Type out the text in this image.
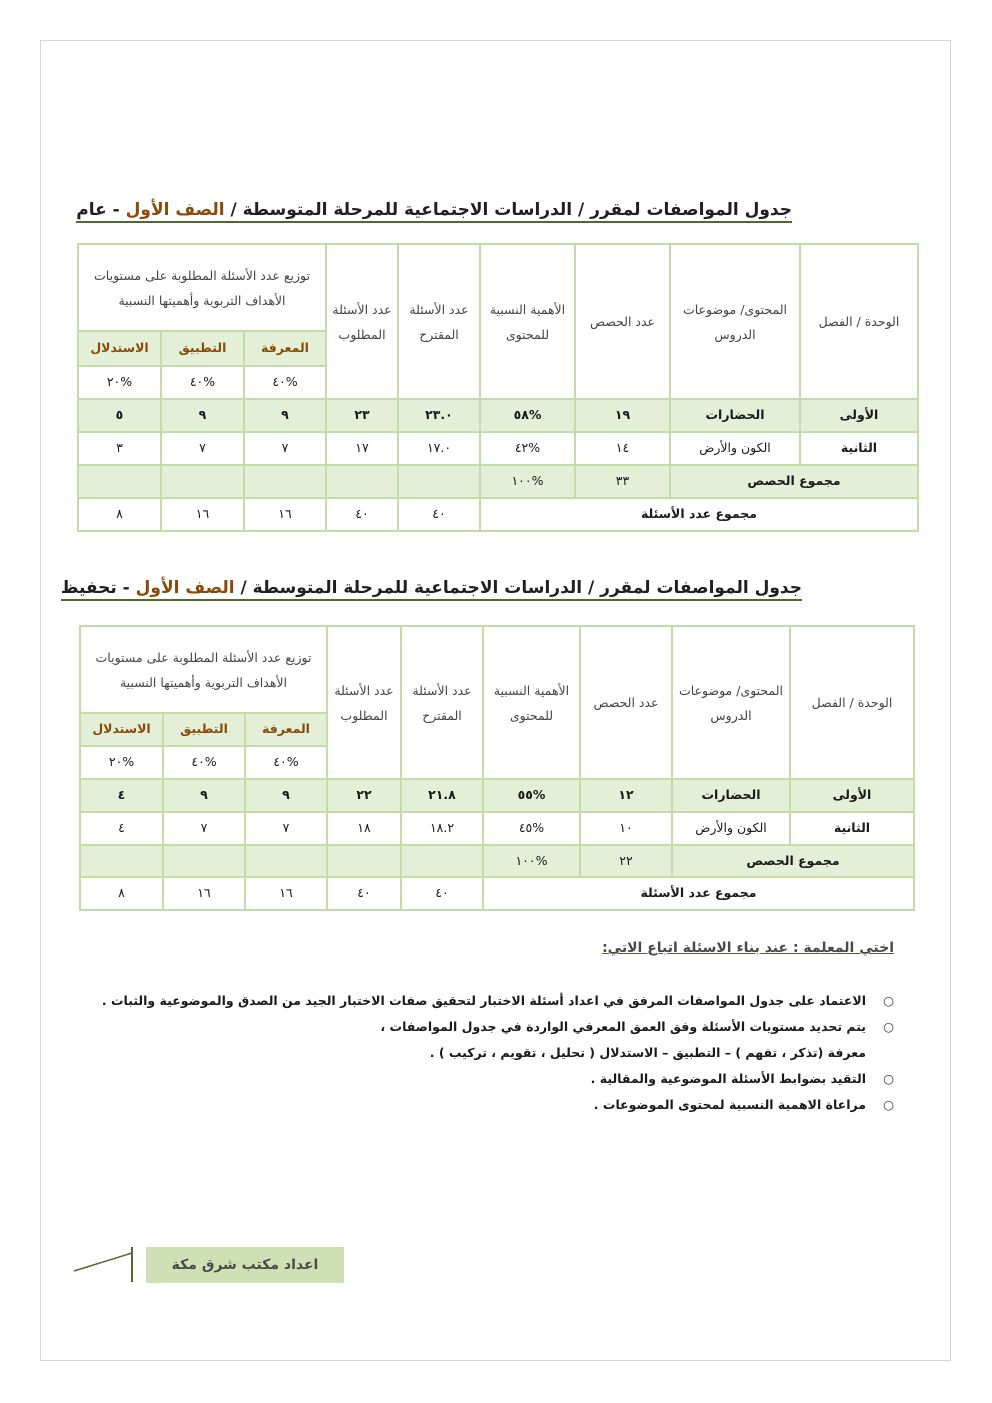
جدول المواصفات لمقرر / الدراسات الاجتماعية للمرحلة المتوسطة / الصف الأول - عام
الوحدة / الفصل	المحتوى/ موضوعات الدروس	عدد الحصص	الأهمية النسبية للمحتوى	عدد الأسئلة المقترح	عدد الأسئلة المطلوب	توزيع عدد الأسئلة المطلوبة على مستويات الأهداف التربوية وأهميتها النسبية		
						المعرفة	التطبيق	الاستدلال
						٤٠%	٤٠%	٢٠%
الأولى	الحضارات	١٩	٥٨%	٢٣.٠	٢٣	٩	٩	٥
الثانية	الكون والأرض	١٤	٤٢%	١٧.٠	١٧	٧	٧	٣
مجموع الحصص		٣٣	١٠٠%					
مجموع عدد الأسئلة				٤٠	٤٠	١٦	١٦	٨
جدول المواصفات لمقرر / الدراسات الاجتماعية للمرحلة المتوسطة / الصف الأول - تحفيظ
الوحدة / الفصل	المحتوى/ موضوعات الدروس	عدد الحصص	الأهمية النسبية للمحتوى	عدد الأسئلة المقترح	عدد الأسئلة المطلوب	توزيع عدد الأسئلة المطلوبة على مستويات الأهداف التربوية وأهميتها النسبية		
						المعرفة	التطبيق	الاستدلال
						٤٠%	٤٠%	٢٠%
الأولى	الحضارات	١٢	٥٥%	٢١.٨	٢٢	٩	٩	٤
الثانية	الكون والأرض	١٠	٤٥%	١٨.٢	١٨	٧	٧	٤
مجموع الحصص		٢٢	١٠٠%					
مجموع عدد الأسئلة				٤٠	٤٠	١٦	١٦	٨
اختي المعلمة : عند بناء الاسئلة اتباع الاتي:
○
الاعتماد على جدول المواصفات المرفق في اعداد أسئلة الاختبار لتحقيق صفات الاختبار الجيد من الصدق والموضوعية والثبات .
○
يتم تحديد مستويات الأسئلة وفق العمق المعرفي الواردة في جدول المواصفات ،
معرفة (تذكر ، تفهم ) – التطبيق – الاستدلال ( تحليل ، تقويم ، تركيب ) .
○
التقيد بضوابط الأسئلة الموضوعية والمقالية .
○
مراعاة الاهمية النسبية لمحتوى الموضوعات .
اعداد مكتب شرق مكة
